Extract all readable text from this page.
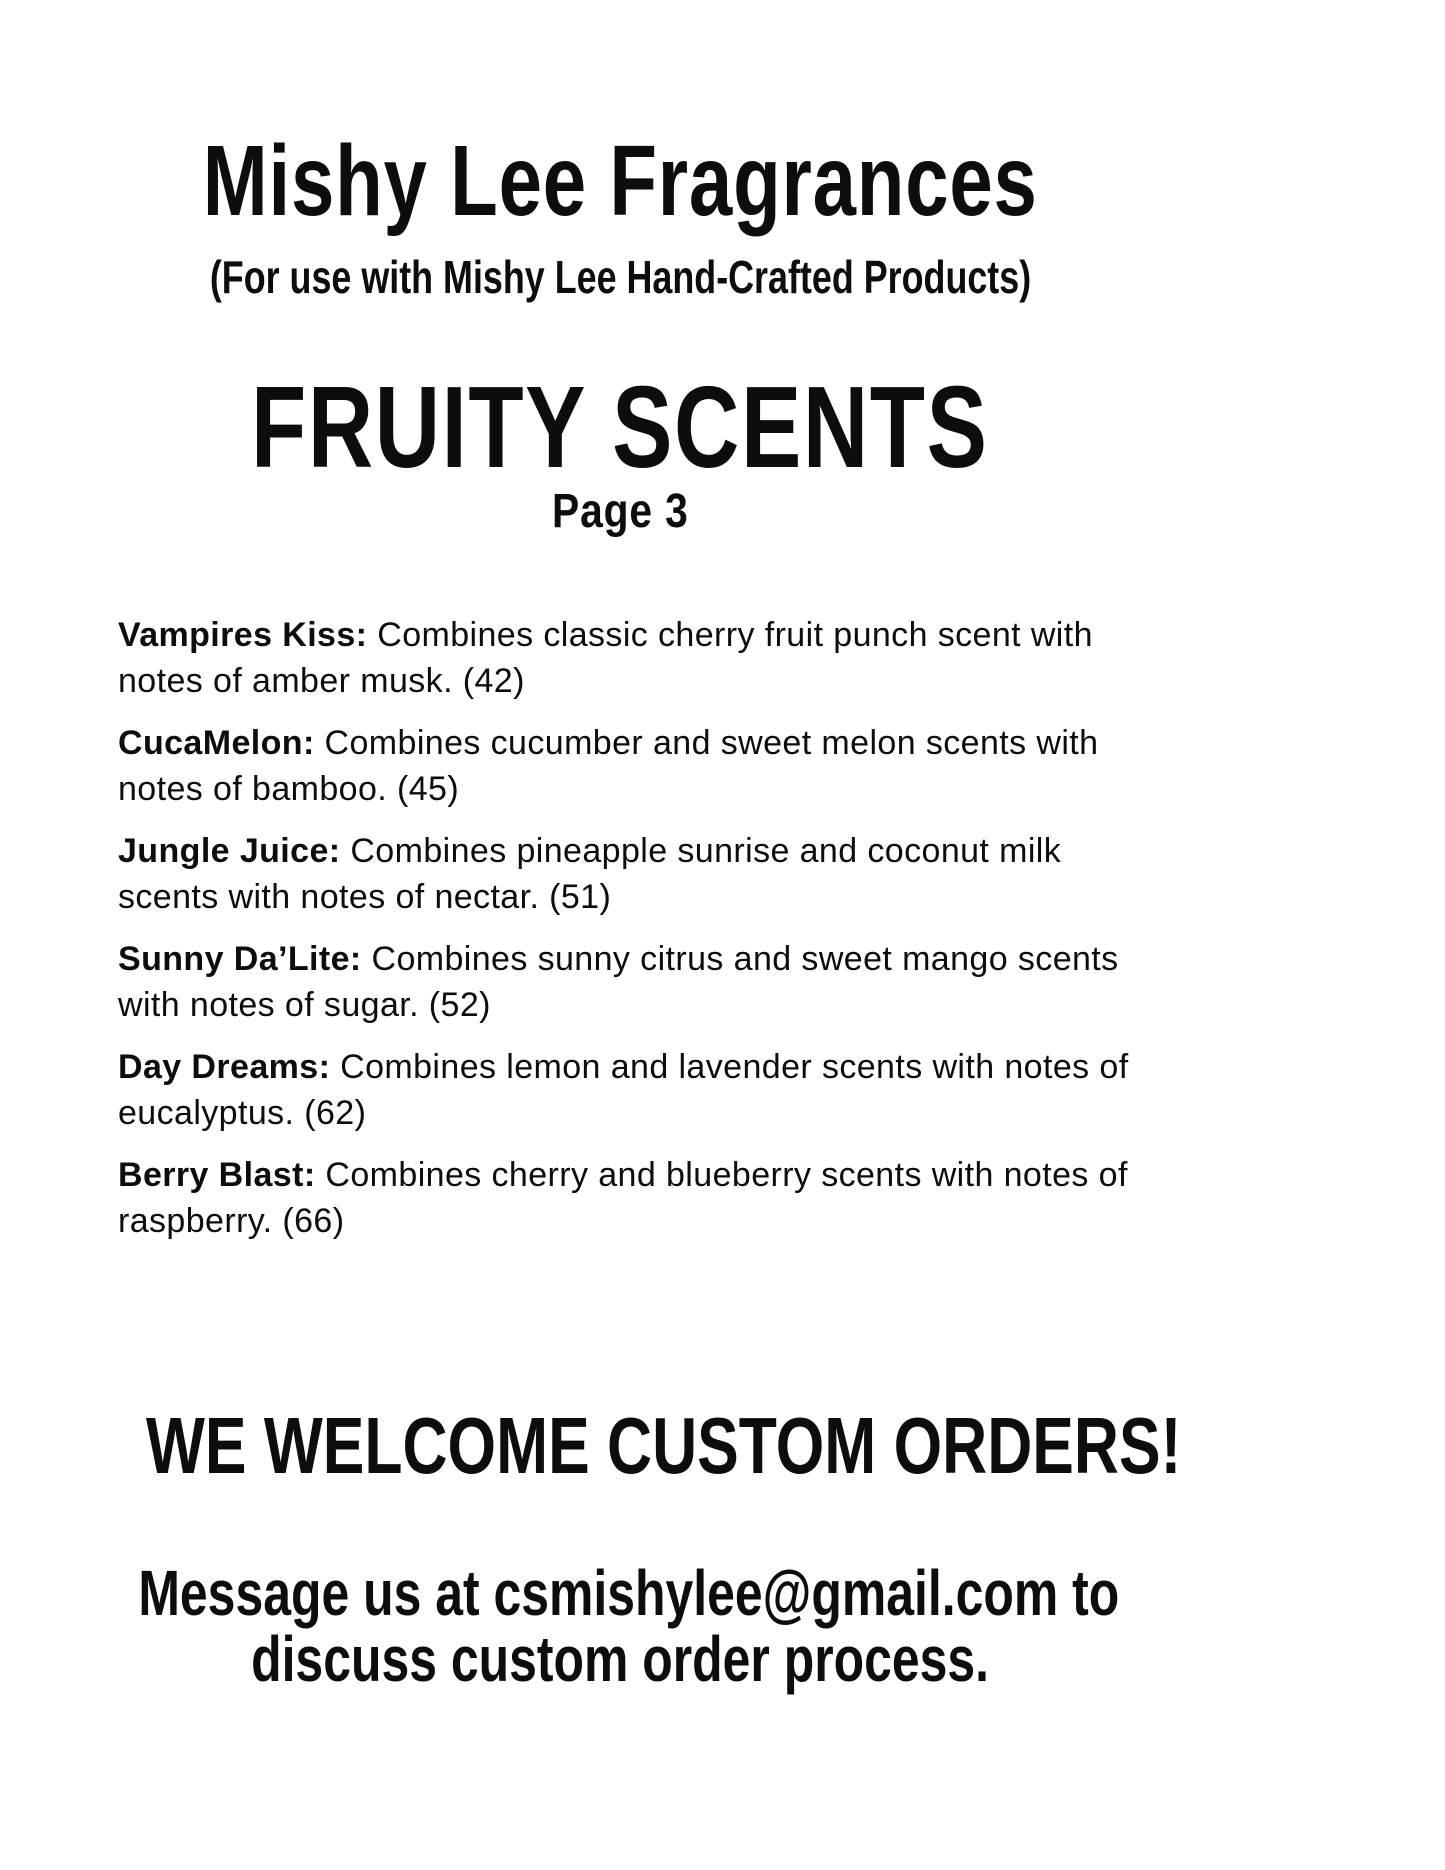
Mishy Lee Fragrances
(For use with Mishy Lee Hand-Crafted Products)
FRUITY SCENTS
Page 3

Vampires Kiss: Combines classic cherry fruit punch scent with notes of amber musk. (42)

CucaMelon: Combines cucumber and sweet melon scents with notes of bamboo. (45)

Jungle Juice: Combines pineapple sunrise and coconut milk scents with notes of nectar. (51)

Sunny Da’Lite: Combines sunny citrus and sweet mango scents with notes of sugar. (52)

Day Dreams: Combines lemon and lavender scents with notes of eucalyptus. (62)

Berry Blast: Combines cherry and blueberry scents with notes of raspberry. (66)

WE WELCOME CUSTOM ORDERS!
Message us at csmishylee@gmail.com to
discuss custom order process.
